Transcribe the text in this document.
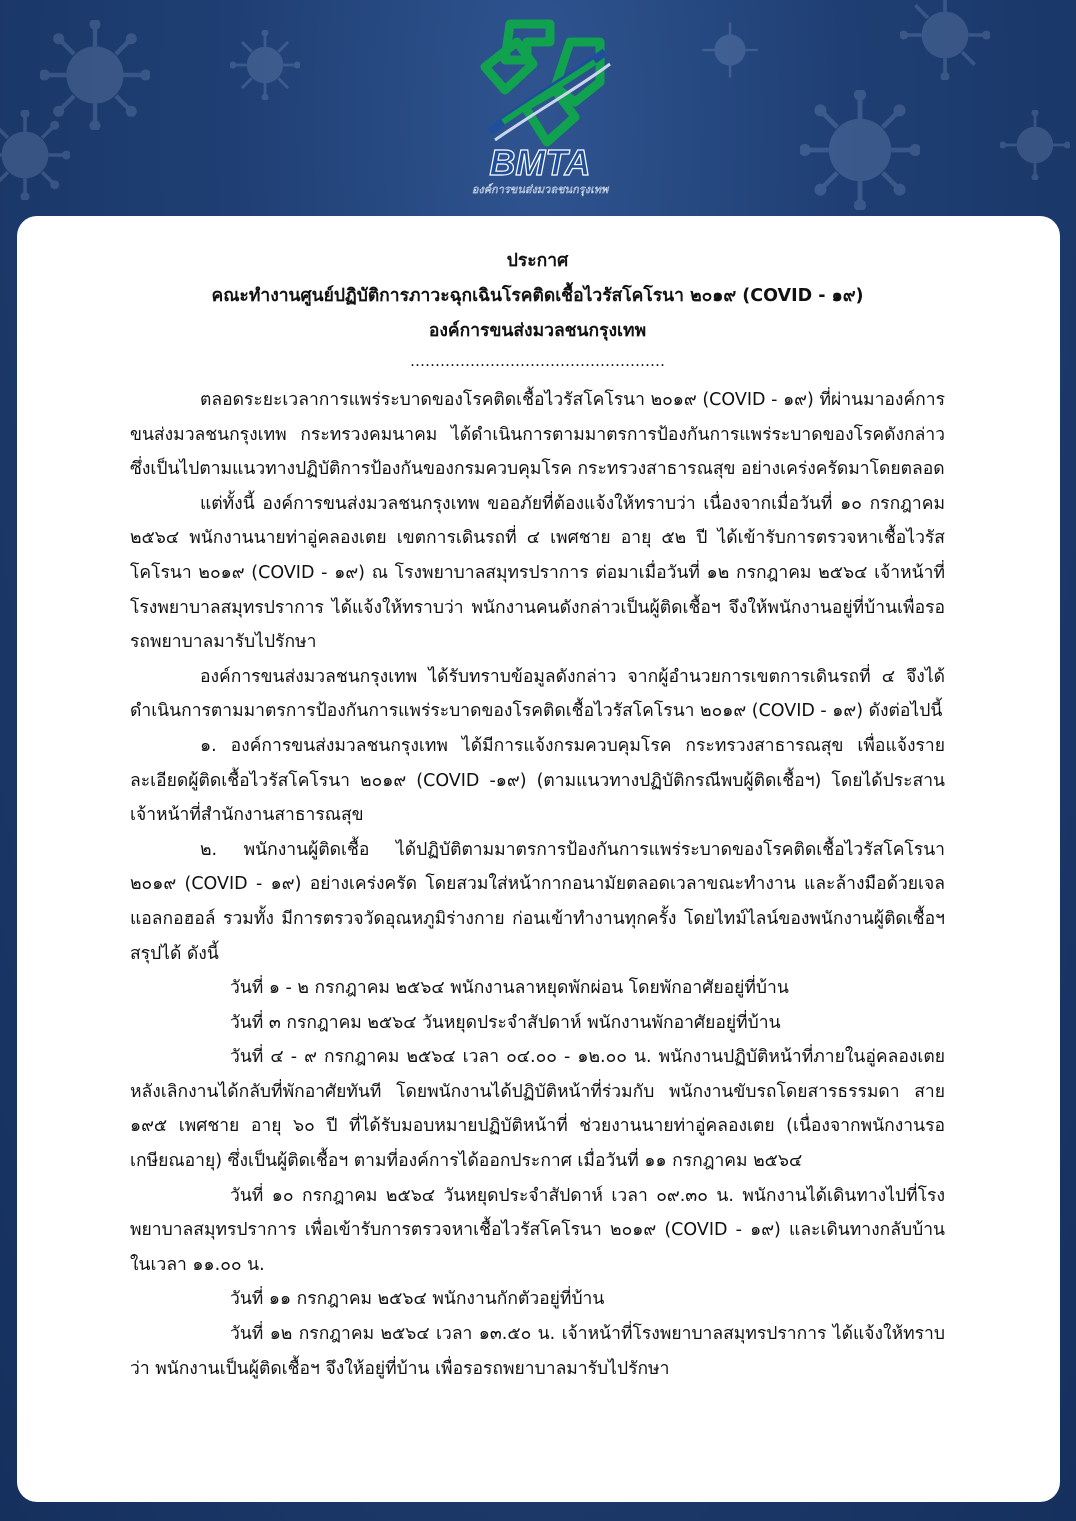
BMTA
องค์การขนส่งมวลชนกรุงเทพ
ประกาศ
คณะทำงานศูนย์ปฏิบัติการภาวะฉุกเฉินโรคติดเชื้อไวรัสโคโรนา ๒๐๑๙ (COVID - ๑๙)
องค์การขนส่งมวลชนกรุงเทพ
……………………………………………

ตลอดระยะเวลาการแพร่ระบาดของโรคติดเชื้อไวรัสโคโรนา ๒๐๑๙ (COVID - ๑๙) ที่ผ่านมาองค์การขนส่งมวลชนกรุงเทพ กระทรวงคมนาคม ได้ดำเนินการตามมาตรการป้องกันการแพร่ระบาดของโรคดังกล่าว ซึ่งเป็นไปตามแนวทางปฏิบัติการป้องกันของกรมควบคุมโรค กระทรวงสาธารณสุข อย่างเคร่งครัดมาโดยตลอด

แต่ทั้งนี้ องค์การขนส่งมวลชนกรุงเทพ ขออภัยที่ต้องแจ้งให้ทราบว่า เนื่องจากเมื่อวันที่ ๑๐ กรกฎาคม ๒๕๖๔ พนักงานนายท่าอู่คลองเตย เขตการเดินรถที่ ๔ เพศชาย อายุ ๕๒ ปี ได้เข้ารับการตรวจหาเชื้อไวรัสโคโรนา ๒๐๑๙ (COVID - ๑๙) ณ โรงพยาบาลสมุทรปราการ ต่อมาเมื่อวันที่ ๑๒ กรกฎาคม ๒๕๖๔ เจ้าหน้าที่โรงพยาบาลสมุทรปราการ ได้แจ้งให้ทราบว่า พนักงานคนดังกล่าวเป็นผู้ติดเชื้อฯ จึงให้พนักงานอยู่ที่บ้านเพื่อรอรถพยาบาลมารับไปรักษา

องค์การขนส่งมวลชนกรุงเทพ ได้รับทราบข้อมูลดังกล่าว จากผู้อำนวยการเขตการเดินรถที่ ๔ จึงได้ดำเนินการตามมาตรการป้องกันการแพร่ระบาดของโรคติดเชื้อไวรัสโคโรนา ๒๐๑๙ (COVID - ๑๙) ดังต่อไปนี้

๑. องค์การขนส่งมวลชนกรุงเทพ ได้มีการแจ้งกรมควบคุมโรค กระทรวงสาธารณสุข เพื่อแจ้งรายละเอียดผู้ติดเชื้อไวรัสโคโรนา ๒๐๑๙ (COVID -๑๙) (ตามแนวทางปฏิบัติกรณีพบผู้ติดเชื้อฯ) โดยได้ประสานเจ้าหน้าที่สำนักงานสาธารณสุข

๒. พนักงานผู้ติดเชื้อ ได้ปฏิบัติตามมาตรการป้องกันการแพร่ระบาดของโรคติดเชื้อไวรัสโคโรนา ๒๐๑๙ (COVID - ๑๙) อย่างเคร่งครัด โดยสวมใส่หน้ากากอนามัยตลอดเวลาขณะทำงาน และล้างมือด้วยเจลแอลกอฮอล์ รวมทั้ง มีการตรวจวัดอุณหภูมิร่างกาย ก่อนเข้าทำงานทุกครั้ง โดยไทม์ไลน์ของพนักงานผู้ติดเชื้อฯสรุปได้ ดังนี้

วันที่ ๑ - ๒ กรกฎาคม ๒๕๖๔ พนักงานลาหยุดพักผ่อน โดยพักอาศัยอยู่ที่บ้าน

วันที่ ๓ กรกฎาคม ๒๕๖๔ วันหยุดประจำสัปดาห์ พนักงานพักอาศัยอยู่ที่บ้าน

วันที่ ๔ - ๙ กรกฎาคม ๒๕๖๔ เวลา ๐๔.๐๐ - ๑๒.๐๐ น. พนักงานปฏิบัติหน้าที่ภายในอู่คลองเตย หลังเลิกงานได้กลับที่พักอาศัยทันที โดยพนักงานได้ปฏิบัติหน้าที่ร่วมกับ พนักงานขับรถโดยสารธรรมดา สาย ๑๙๕ เพศชาย อายุ ๖๐ ปี ที่ได้รับมอบหมายปฏิบัติหน้าที่ ช่วยงานนายท่าอู่คลองเตย (เนื่องจากพนักงานรอเกษียณอายุ) ซึ่งเป็นผู้ติดเชื้อฯ ตามที่องค์การได้ออกประกาศ เมื่อวันที่ ๑๑ กรกฎาคม ๒๕๖๔

วันที่ ๑๐ กรกฎาคม ๒๕๖๔ วันหยุดประจำสัปดาห์ เวลา ๐๙.๓๐ น. พนักงานได้เดินทางไปที่โรงพยาบาลสมุทรปราการ เพื่อเข้ารับการตรวจหาเชื้อไวรัสโคโรนา ๒๐๑๙ (COVID - ๑๙) และเดินทางกลับบ้าน ในเวลา ๑๑.๐๐ น.

วันที่ ๑๑ กรกฎาคม ๒๕๖๔ พนักงานกักตัวอยู่ที่บ้าน

วันที่ ๑๒ กรกฎาคม ๒๕๖๔ เวลา ๑๓.๕๐ น. เจ้าหน้าที่โรงพยาบาลสมุทรปราการ ได้แจ้งให้ทราบว่า พนักงานเป็นผู้ติดเชื้อฯ จึงให้อยู่ที่บ้าน เพื่อรอรถพยาบาลมารับไปรักษา
